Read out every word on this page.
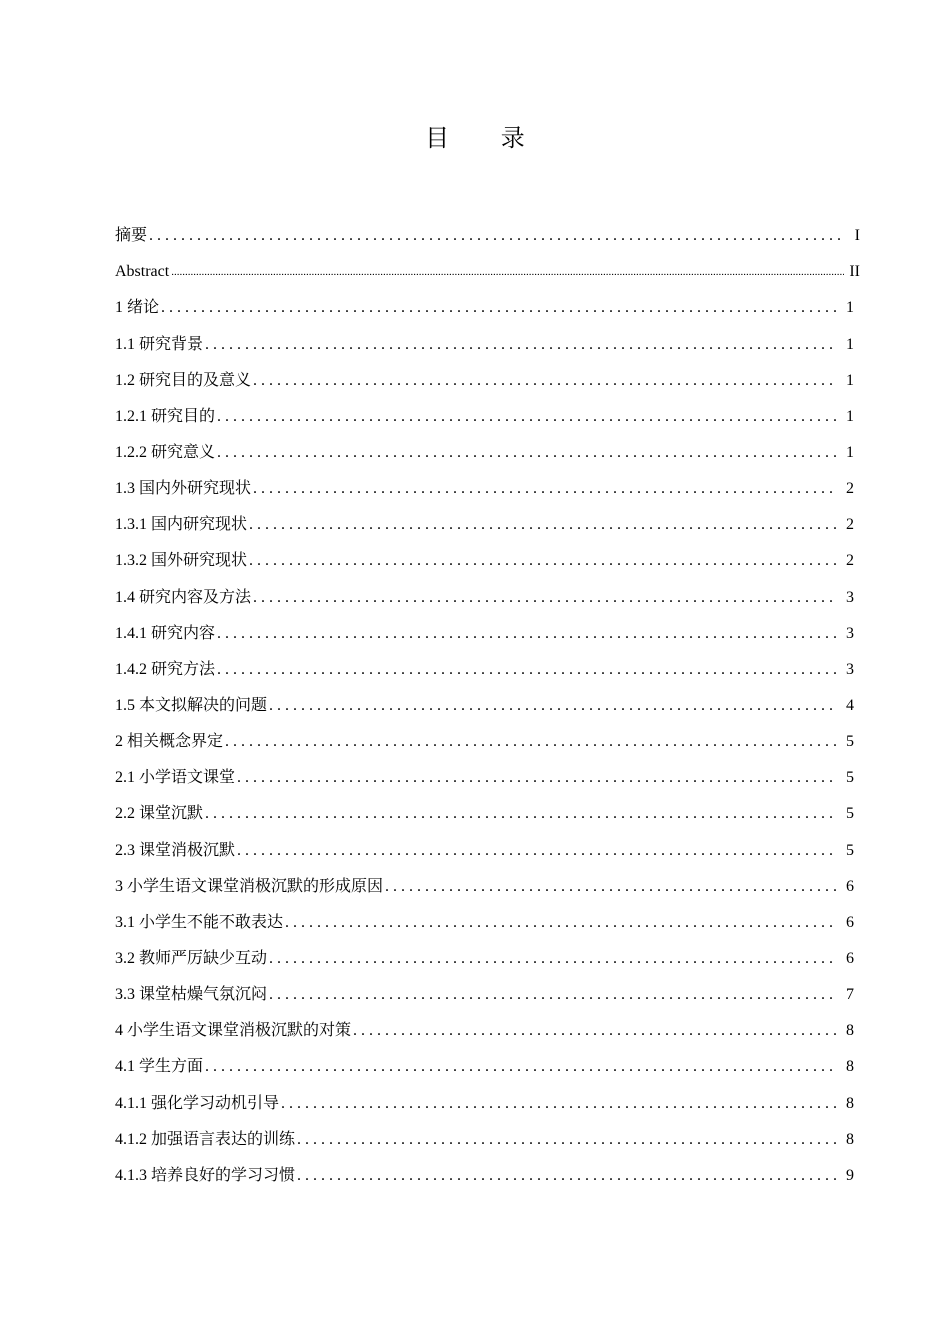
目 录
摘要 . . .	I
Abstract .....	II
1 绪论 . . .	1
1.1 研究背景 . . .	1
1.2 研究目的及意义 . . .	1
1.2.1 研究目的 . . .	1
1.2.2 研究意义 . . .	1
1.3 国内外研究现状 . . .	2
1.3.1 国内研究现状 . . .	2
1.3.2 国外研究现状 . . .	2
1.4 研究内容及方法 . . .	3
1.4.1 研究内容 . . .	3
1.4.2 研究方法 . . .	3
1.5 本文拟解决的问题 . . .	4
2 相关概念界定 . . .	5
2.1 小学语文课堂 . . .	5
2.2 课堂沉默 . . .	5
2.3 课堂消极沉默 . . .	5
3 小学生语文课堂消极沉默的形成原因 . . .	6
3.1 小学生不能不敢表达 . . .	6
3.2 教师严厉缺少互动 . . .	6
3.3 课堂枯燥气氛沉闷 . . .	7
4 小学生语文课堂消极沉默的对策 . . .	8
4.1 学生方面 . . .	8
4.1.1 强化学习动机引导 . . .	8
4.1.2 加强语言表达的训练 . . .	8
4.1.3 培养良好的学习习惯 . . .	9
